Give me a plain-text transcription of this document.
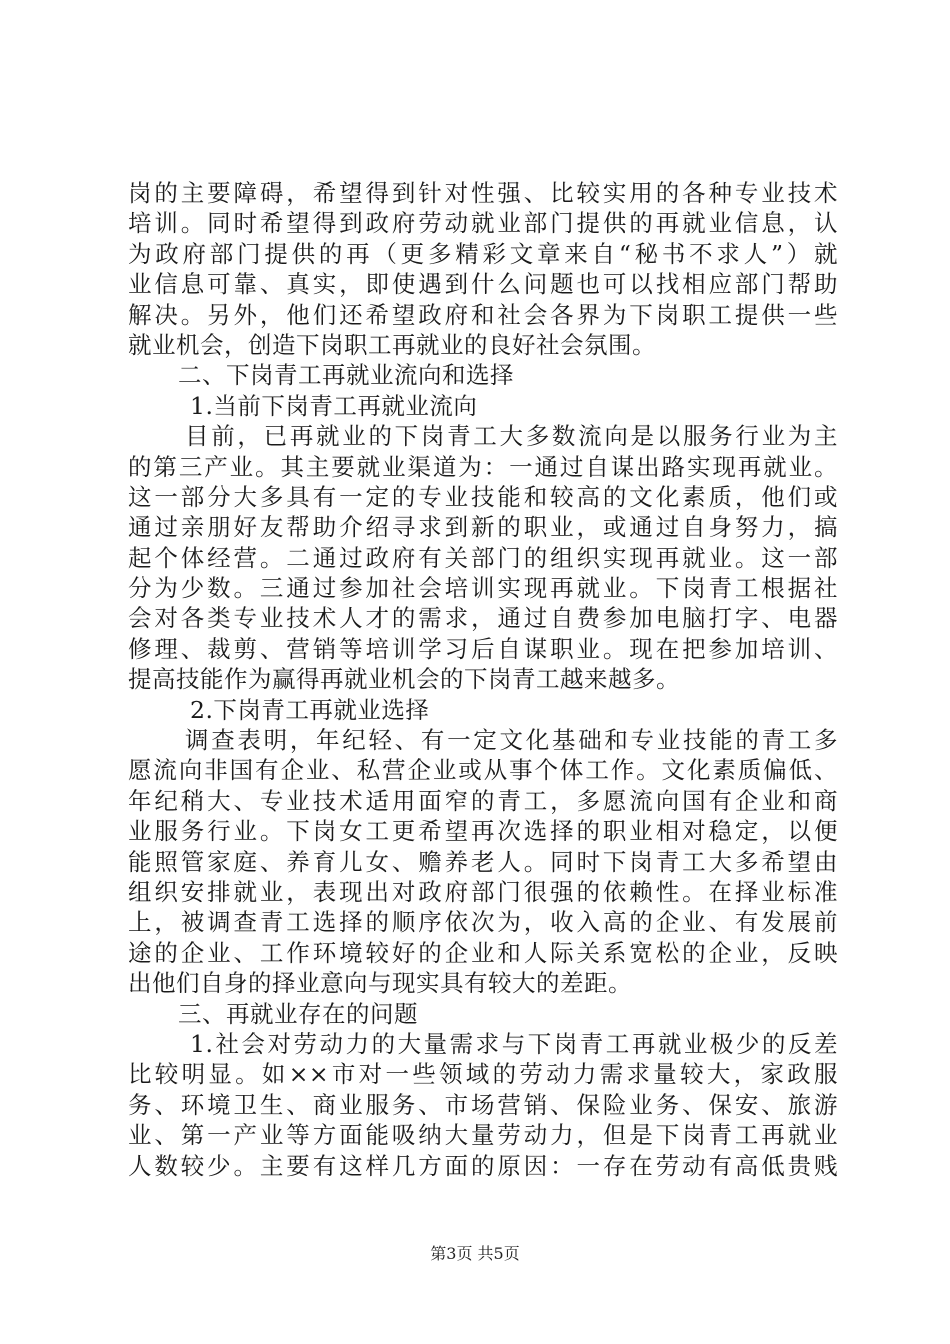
岗的主要障碍，希望得到针对性强、比较实用的各种专业技术
培训。同时希望得到政府劳动就业部门提供的再就业信息，认
为政府部门提供的再（更多精彩文章来自“秘书不求人”）就
业信息可靠、真实，即使遇到什么问题也可以找相应部门帮助
解决。另外，他们还希望政府和社会各界为下岗职工提供一些
就业机会，创造下岗职工再就业的良好社会氛围。
二、下岗青工再就业流向和选择
1.当前下岗青工再就业流向
目前，已再就业的下岗青工大多数流向是以服务行业为主
的第三产业。其主要就业渠道为：一通过自谋出路实现再就业。
这一部分大多具有一定的专业技能和较高的文化素质，他们或
通过亲朋好友帮助介绍寻求到新的职业，或通过自身努力，搞
起个体经营。二通过政府有关部门的组织实现再就业。这一部
分为少数。三通过参加社会培训实现再就业。下岗青工根据社
会对各类专业技术人才的需求，通过自费参加电脑打字、电器
修理、裁剪、营销等培训学习后自谋职业。现在把参加培训、
提高技能作为赢得再就业机会的下岗青工越来越多。
2.下岗青工再就业选择
调查表明，年纪轻、有一定文化基础和专业技能的青工多
愿流向非国有企业、私营企业或从事个体工作。文化素质偏低、
年纪稍大、专业技术适用面窄的青工，多愿流向国有企业和商
业服务行业。下岗女工更希望再次选择的职业相对稳定，以便
能照管家庭、养育儿女、赡养老人。同时下岗青工大多希望由
组织安排就业，表现出对政府部门很强的依赖性。在择业标准
上，被调查青工选择的顺序依次为，收入高的企业、有发展前
途的企业、工作环境较好的企业和人际关系宽松的企业，反映
出他们自身的择业意向与现实具有较大的差距。
三、再就业存在的问题
1.社会对劳动力的大量需求与下岗青工再就业极少的反差
比较明显。如××市对一些领域的劳动力需求量较大，家政服
务、环境卫生、商业服务、市场营销、保险业务、保安、旅游
业、第一产业等方面能吸纳大量劳动力，但是下岗青工再就业
人数较少。主要有这样几方面的原因：一存在劳动有高低贵贱
第3页 共5页
